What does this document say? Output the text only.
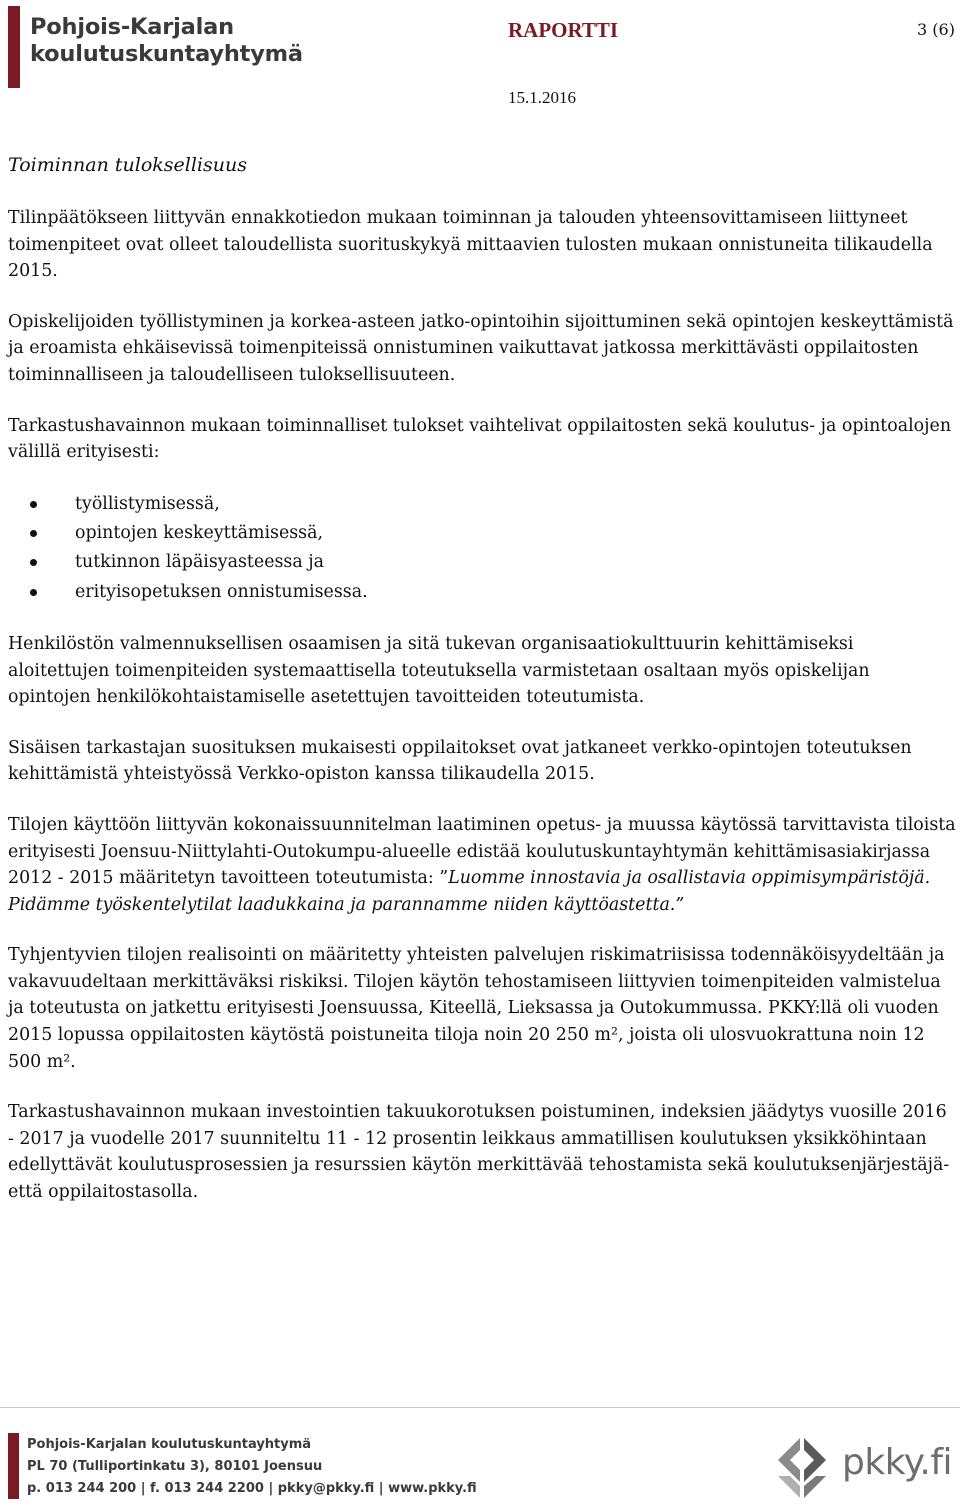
Pohjois-Karjalan
koulutuskuntayhtymä
RAPORTTI	3 (6)
15.1.2016
Toiminnan tuloksellisuus

Tilinpäätökseen liittyvän ennakkotiedon mukaan toiminnan ja talouden yhteensovittamiseen liittyneet toimenpiteet ovat olleet taloudellista suorituskykyä mittaavien tulosten mukaan onnistuneita tilikaudella 2015.

Opiskelijoiden työllistyminen ja korkea-asteen jatko-opintoihin sijoittuminen sekä opintojen keskeyttämistä ja eroamista ehkäisevissä toimenpiteissä onnistuminen vaikuttavat jatkossa merkittävästi oppilaitosten toiminnalliseen ja taloudelliseen tuloksellisuuteen.

Tarkastushavainnon mukaan toiminnalliset tulokset vaihtelivat oppilaitosten sekä koulutus- ja opintoalojen välillä erityisesti:

työllistymisessä,
opintojen keskeyttämisessä,
tutkinnon läpäisyasteessa ja
erityisopetuksen onnistumisessa.

Henkilöstön valmennuksellisen osaamisen ja sitä tukevan organisaatiokulttuurin kehittämiseksi aloitettujen toimenpiteiden systemaattisella toteutuksella varmistetaan osaltaan myös opiskelijan opintojen henkilökohtaistamiselle asetettujen tavoitteiden toteutumista.

Sisäisen tarkastajan suosituksen mukaisesti oppilaitokset ovat jatkaneet verkko-opintojen toteutuksen kehittämistä yhteistyössä Verkko-opiston kanssa tilikaudella 2015.

Tilojen käyttöön liittyvän kokonaissuunnitelman laatiminen opetus- ja muussa käytössä tarvittavista tiloista erityisesti Joensuu-Niittylahti-Outokumpu-alueelle edistää koulutuskuntayhtymän kehittämisasiakirjassa 2012 - 2015 määritetyn tavoitteen toteutumista: ”Luomme innostavia ja osallistavia oppimisympäristöjä. Pidämme työskentelytilat laadukkaina ja parannamme niiden käyttöastetta.”

Tyhjentyvien tilojen realisointi on määritetty yhteisten palvelujen riskimatriisissa todennäköisyydeltään ja vakavuudeltaan merkittäväksi riskiksi. Tilojen käytön tehostamiseen liittyvien toimenpiteiden valmistelua ja toteutusta on jatkettu erityisesti Joensuussa, Kiteellä, Lieksassa ja Outokummussa. PKKY:llä oli vuoden 2015 lopussa oppilaitosten käytöstä poistuneita tiloja noin 20 250 m², joista oli ulosvuokrattuna noin 12 500 m².

Tarkastushavainnon mukaan investointien takuukorotuksen poistuminen, indeksien jäädytys vuosille 2016 - 2017 ja vuodelle 2017 suunniteltu 11 - 12 prosentin leikkaus ammatillisen koulutuksen yksikköhintaan edellyttävät koulutusprosessien ja resurssien käytön merkittävää tehostamista sekä koulutuksenjärjestäjä- että oppilaitostasolla.

Pohjois-Karjalan koulutuskuntayhtymä
PL 70 (Tulliportinkatu 3), 80101 Joensuu
p. 013 244 200 | f. 013 244 2200 | pkky@pkky.fi | www.pkky.fi
pkky.fi
